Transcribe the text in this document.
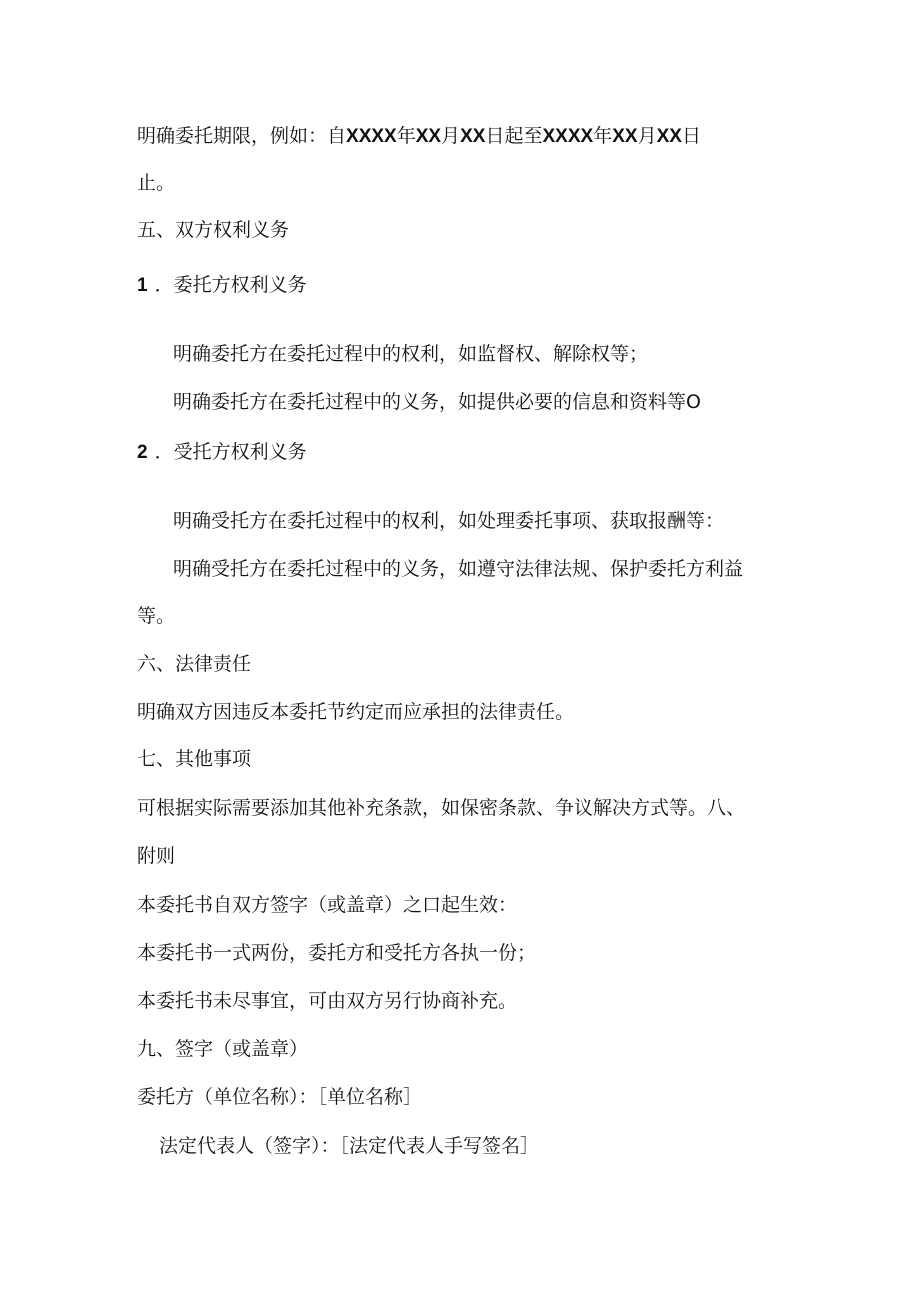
明确委托期限，例如：自XXXX年XX月XX日起至XXXX年XX月XX日
止。
五、双方权利义务
1 ．委托方权利义务
明确委托方在委托过程中的权利，如监督权、解除权等；
明确委托方在委托过程中的义务，如提供必要的信息和资料等O
2 ．受托方权利义务
明确受托方在委托过程中的权利，如处理委托事项、获取报酬等：
明确受托方在委托过程中的义务，如遵守法律法规、保护委托方利益
等。
六、法律责任
明确双方因违反本委托节约定而应承担的法律责任。
七、其他事项
可根据实际需要添加其他补充条款，如保密条款、争议解决方式等。八、
附则
本委托书自双方签字（或盖章）之口起生效：
本委托书一式两份，委托方和受托方各执一份；
本委托书未尽事宜，可由双方另行协商补充。
九、签字（或盖章）
委托方（单位名称）：［单位名称］
法定代表人（签字）：［法定代表人手写签名］
